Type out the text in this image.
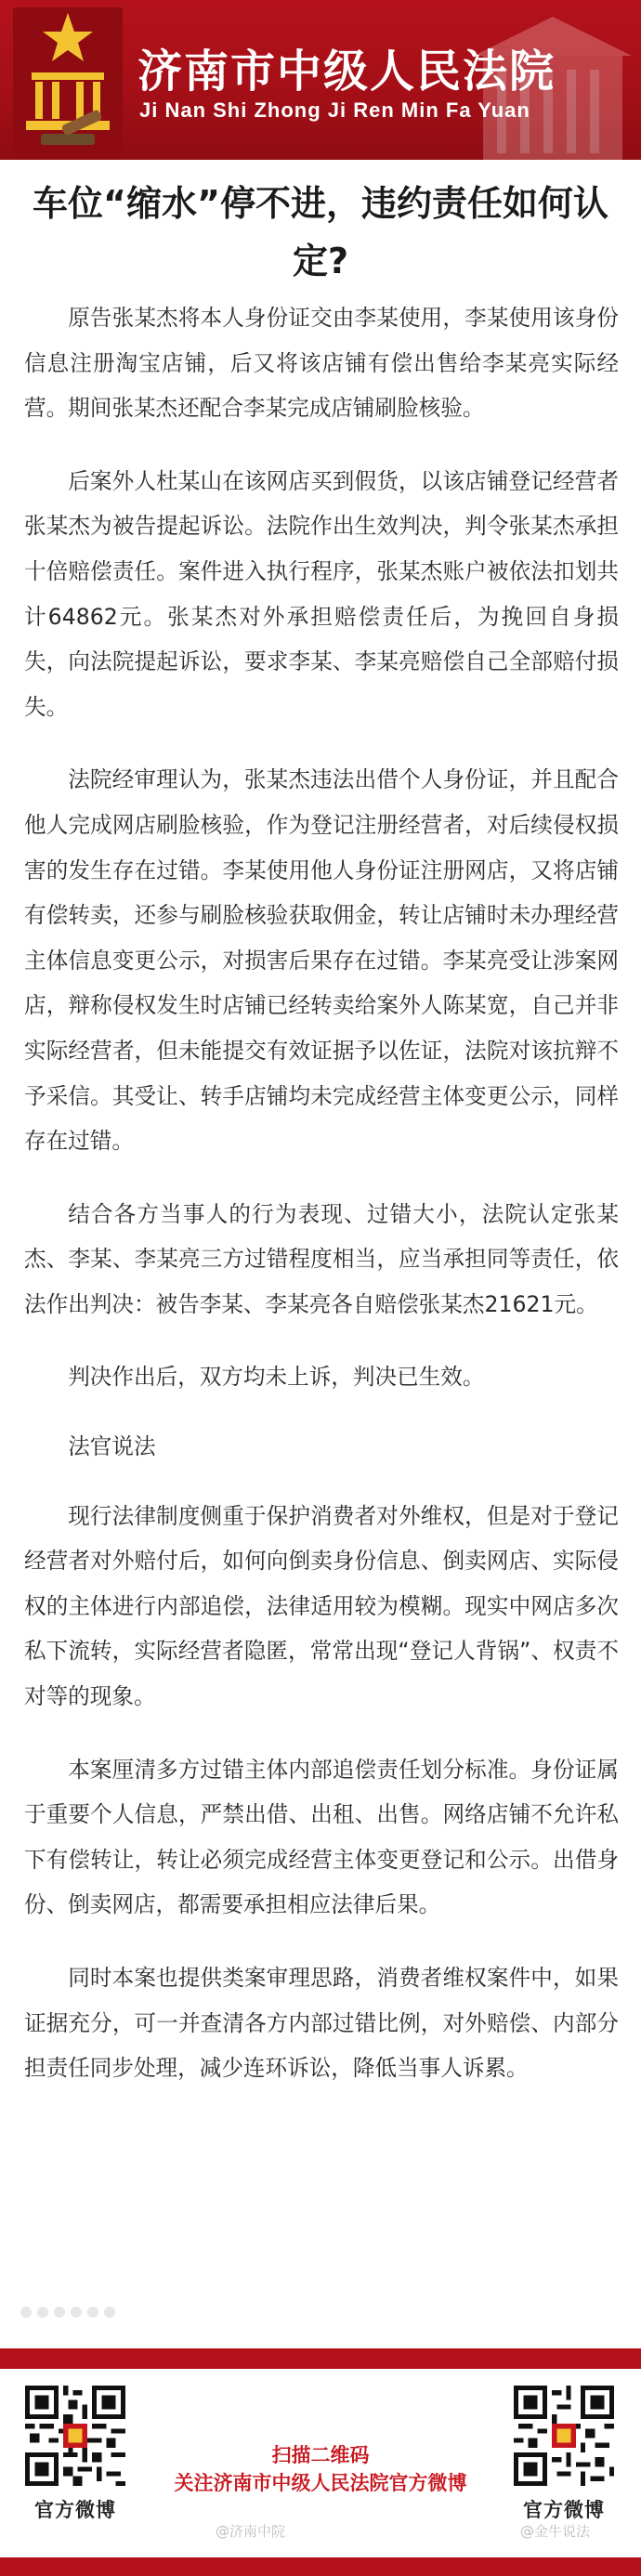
济南市中级人民法院
Ji Nan Shi Zhong Ji Ren Min Fa Yuan
车位“缩水”停不进，违约责任如何认定?

原告张某杰将本人身份证交由李某使用，李某使用该身份信息注册淘宝店铺，后又将该店铺有偿出售给李某亮实际经营。期间张某杰还配合李某完成店铺刷脸核验。

后案外人杜某山在该网店买到假货，以该店铺登记经营者张某杰为被告提起诉讼。法院作出生效判决，判令张某杰承担十倍赔偿责任。案件进入执行程序，张某杰账户被依法扣划共计64862元。张某杰对外承担赔偿责任后，为挽回自身损失，向法院提起诉讼，要求李某、李某亮赔偿自己全部赔付损失。

法院经审理认为，张某杰违法出借个人身份证，并且配合他人完成网店刷脸核验，作为登记注册经营者，对后续侵权损害的发生存在过错。李某使用他人身份证注册网店，又将店铺有偿转卖，还参与刷脸核验获取佣金，转让店铺时未办理经营主体信息变更公示，对损害后果存在过错。李某亮受让涉案网店，辩称侵权发生时店铺已经转卖给案外人陈某宽，自己并非实际经营者，但未能提交有效证据予以佐证，法院对该抗辩不予采信。其受让、转手店铺均未完成经营主体变更公示，同样存在过错。

结合各方当事人的行为表现、过错大小，法院认定张某杰、李某、李某亮三方过错程度相当，应当承担同等责任，依法作出判决：被告李某、李某亮各自赔偿张某杰21621元。

判决作出后，双方均未上诉，判决已生效。

法官说法

现行法律制度侧重于保护消费者对外维权，但是对于登记经营者对外赔付后，如何向倒卖身份信息、倒卖网店、实际侵权的主体进行内部追偿，法律适用较为模糊。现实中网店多次私下流转，实际经营者隐匿，常常出现“登记人背锅”、权责不对等的现象。

本案厘清多方过错主体内部追偿责任划分标准。身份证属于重要个人信息，严禁出借、出租、出售。网络店铺不允许私下有偿转让，转让必须完成经营主体变更登记和公示。出借身份、倒卖网店，都需要承担相应法律后果。

同时本案也提供类案审理思路，消费者维权案件中，如果证据充分，可一并查清各方内部过错比例，对外赔偿、内部分担责任同步处理，减少连环诉讼，降低当事人诉累。

官方微博
扫描二维码
关注济南市中级人民法院官方微博
官方微博
@济南中院	@金牛说法
